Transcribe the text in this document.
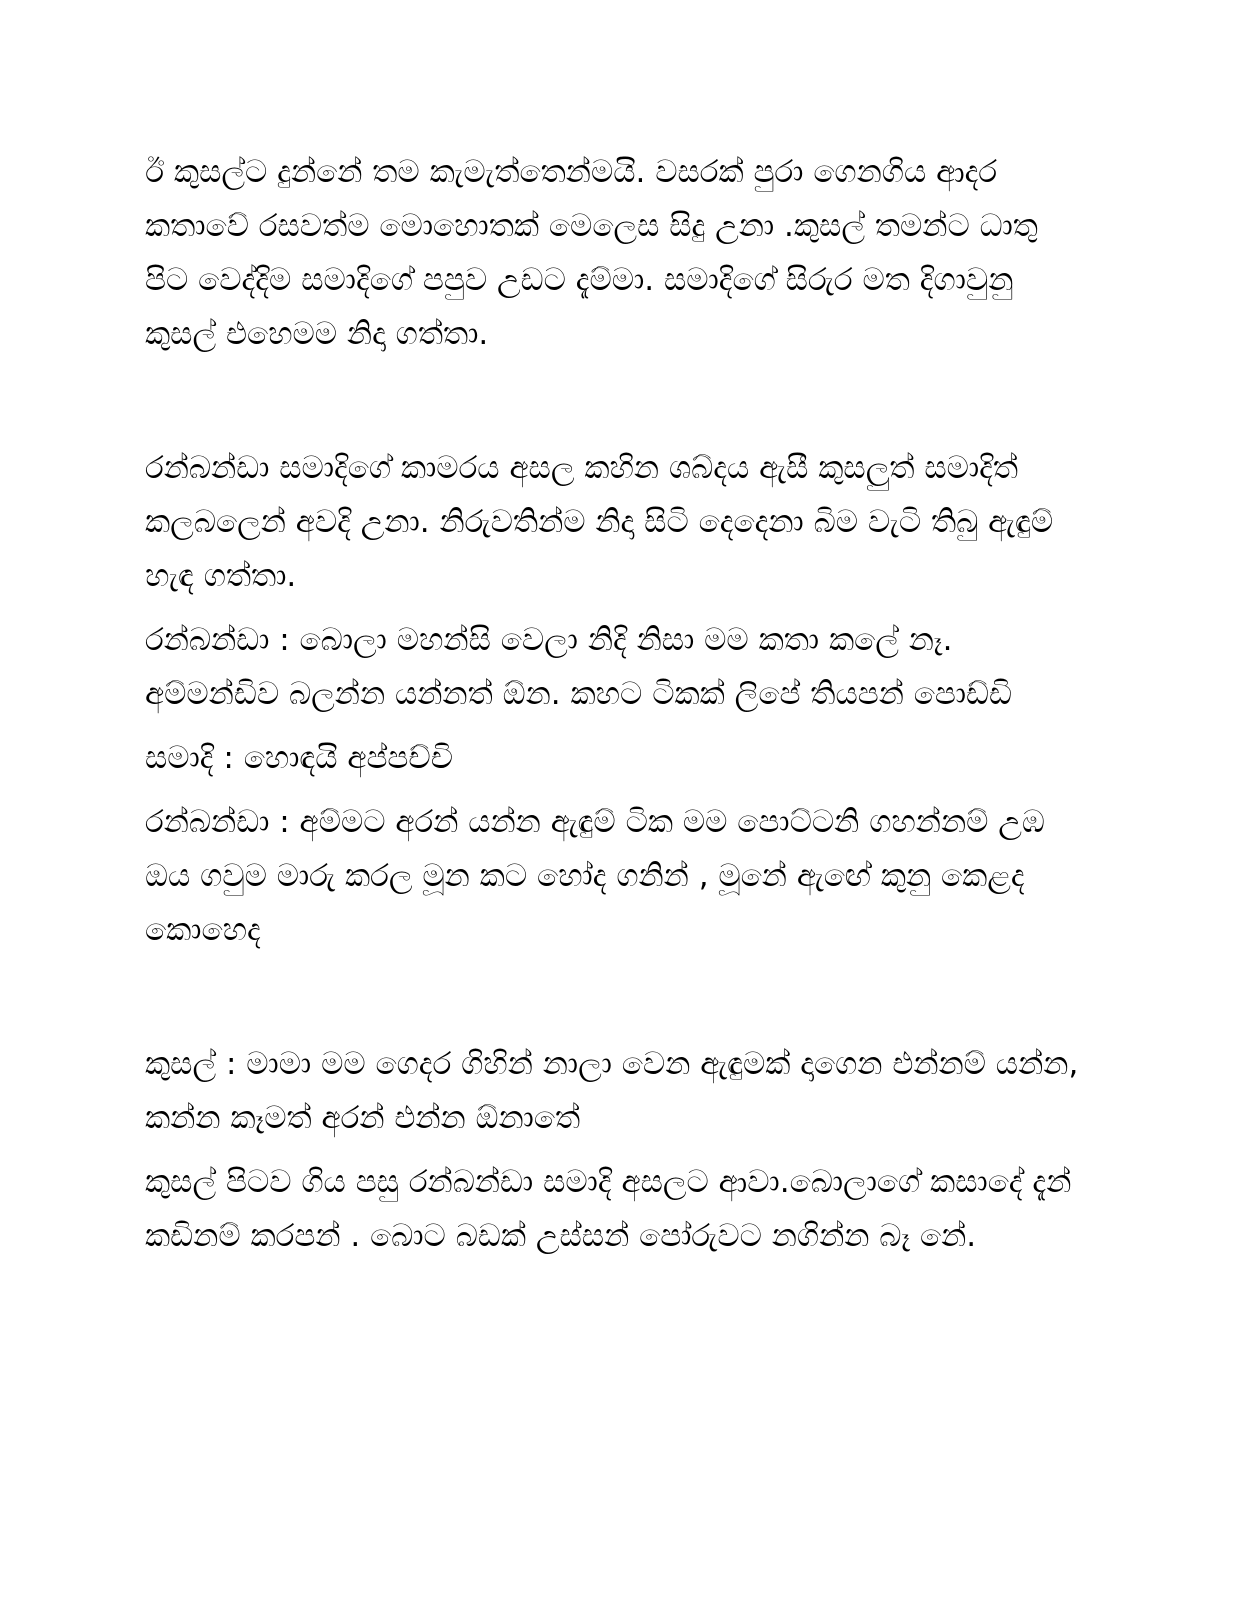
ඊ කුසල්ට දුන්නේ තම කැමැත්තෙන්මයි. වසරක් පුරා ගෙනගිය ආදර කතාවේ රසවත්ම මොහොතක් මෙලෙස සිදු උනා .කුසල් තමන්ට ධාතු පිට වෙද්දිම සමාදිගේ පපුව උඩට දැම්මා. සමාදිගේ සිරුර මත දිගාවුනු කුසල් එහෙමම නිදා ගත්තා.

රන්බන්ඩා සමාදිගේ කාමරය අසල කහින ශබ්දය ඇසී කුසලුත් සමාදිත් කලබලෙන් අවදි උනා. නිරුවතින්ම නිදා සිටි දෙදෙනා බිම වැටි තිබු ඇඳුම් හැඳ ගත්තා.

රන්බන්ඩා : බොලා මහන්සි වෙලා නිදි නිසා මම කතා කලේ නෑ. අම්මන්ඩිව බලන්න යන්නත් ඕන. කහට ටිකක් ලිපේ තියපන් පොඩ්ඩි

සමාදි : හොඳයි අප්පච්චි

රන්බන්ඩා : අම්මට අරන් යන්න ඇඳුම් ටික මම පොට්ටනි ගහන්නම් උඹ ඔය ගවුම මාරු කරල මූන කට හෝද ගනින් , මූනේ ඇඟේ කුනු කෙළද කොහෙද

කුසල් : මාමා මම ගෙදර ගිහින් නාලා වෙන ඇඳුමක් දාගෙන එන්නම් යන්න, කන්න කෑමත් අරන් එන්න ඕනාතේ

කුසල් පිටව ගිය පසු රන්බන්ඩා සමාදි අසලට ආවා.බොලාගේ කසාදේ දැන් කඩිනම් කරපන් . බොට බඩක් උස්සන් පෝරුවට නගින්න බෑ නේ.
